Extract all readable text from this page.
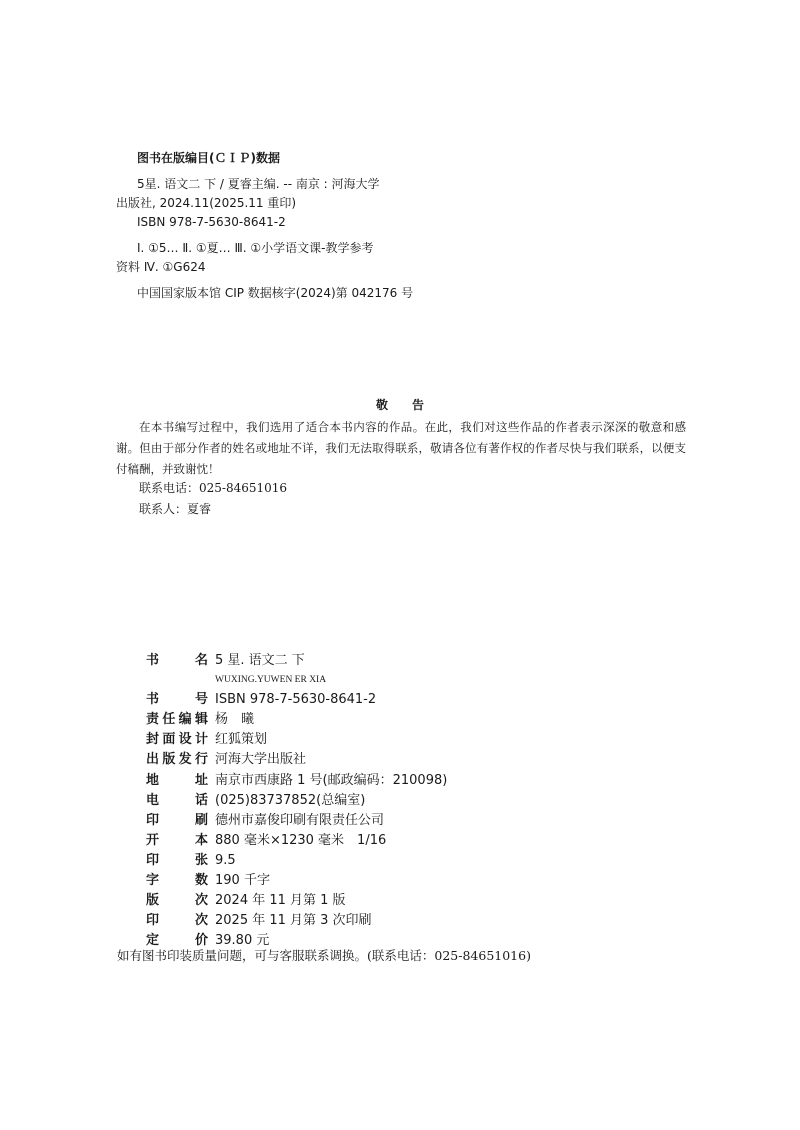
图书在版编目(ＣＩＰ)数据
5星. 语文二 下 / 夏睿主编. -- 南京 : 河海大学
出版社, 2024.11(2025.11 重印)
ISBN 978-7-5630-8641-2
Ⅰ. ①5… Ⅱ. ①夏… Ⅲ. ①小学语文课-教学参考
资料 Ⅳ. ①G624
中国国家版本馆 CIP 数据核字(2024)第 042176 号
敬　　告
在本书编写过程中，我们选用了适合本书内容的作品。在此，我们对这些作品的作者表示深深的敬意和感谢。但由于部分作者的姓名或地址不详，我们无法取得联系，敬请各位有著作权的作者尽快与我们联系，以便支付稿酬，并致谢忱！
联系电话：025-84651016
联系人：夏睿
书名 5 星. 语文二 下
WUXING.YUWEN ER XIA
书号 ISBN 978-7-5630-8641-2
责任编辑 杨　曦
封面设计 红狐策划
出版发行 河海大学出版社
地址 南京市西康路 1 号(邮政编码：210098)
电话 (025)83737852(总编室)
印刷 德州市嘉俊印刷有限责任公司
开本 880 毫米×1230 毫米　1/16
印张 9.5
字数 190 千字
版次 2024 年 11 月第 1 版
印次 2025 年 11 月第 3 次印刷
定价 39.80 元
如有图书印装质量问题，可与客服联系调换。(联系电话：025-84651016)
